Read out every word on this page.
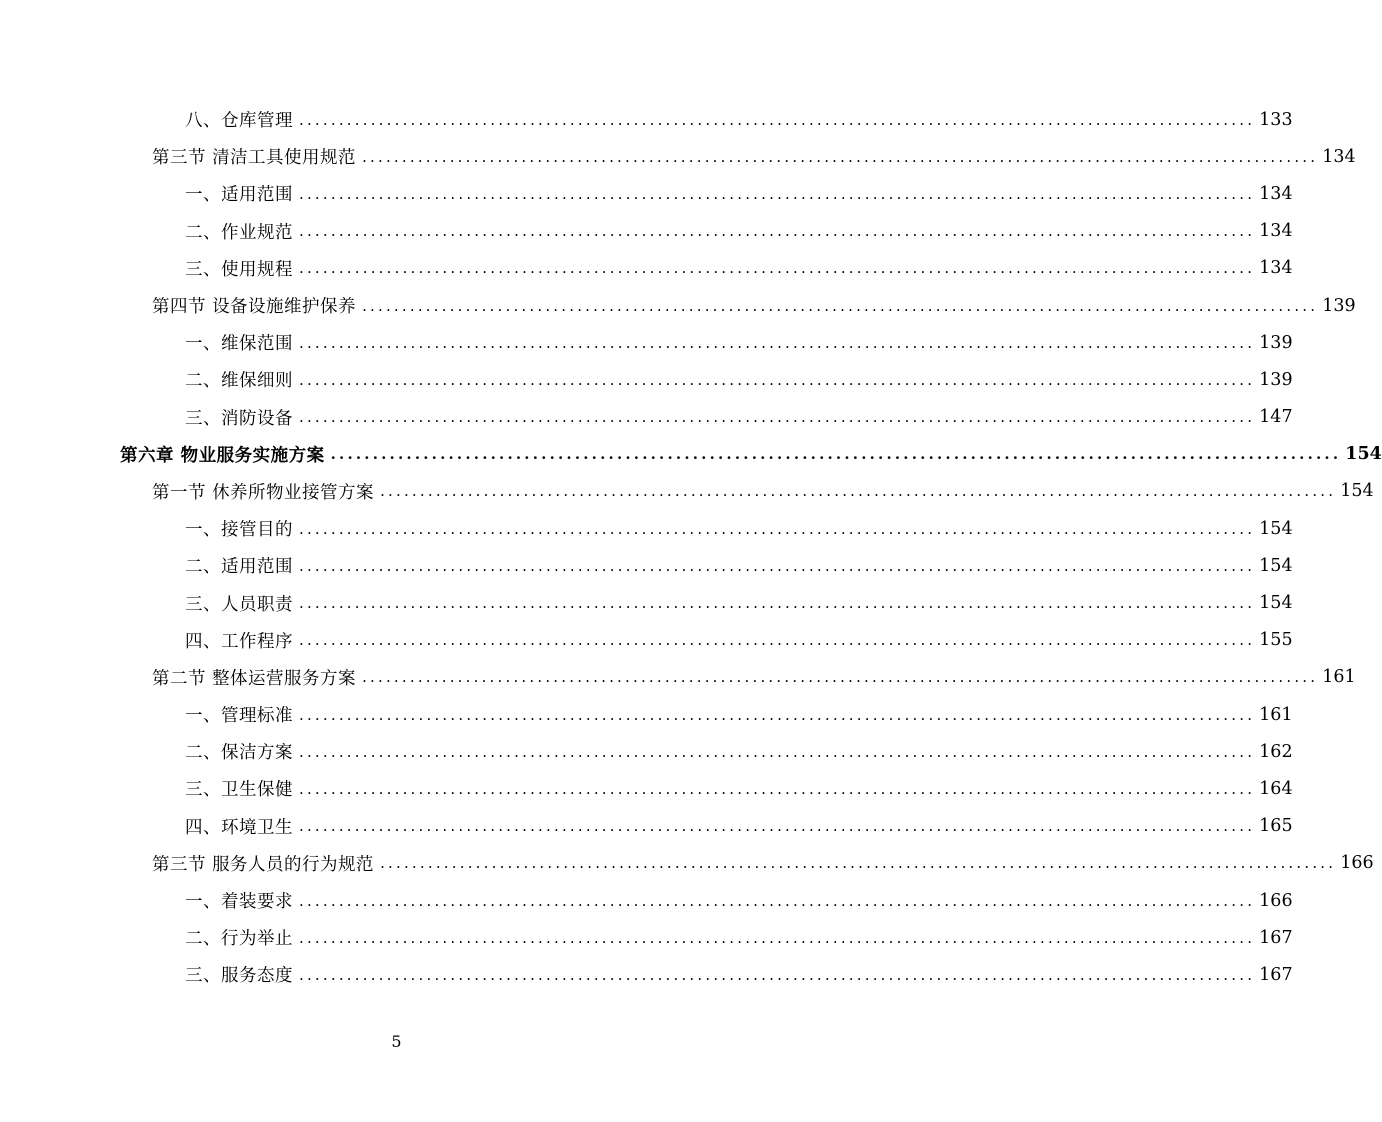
八、仓库管理 ........................................................................................................................ 133
第三节 清洁工具使用规范 ........................................................................................................................ 134
一、适用范围 ........................................................................................................................ 134
二、作业规范 ........................................................................................................................ 134
三、使用规程 ........................................................................................................................ 134
第四节 设备设施维护保养 ........................................................................................................................ 139
一、维保范围 ........................................................................................................................ 139
二、维保细则 ........................................................................................................................ 139
三、消防设备 ........................................................................................................................ 147
第六章 物业服务实施方案 ........................................................................................................................ 154
第一节 休养所物业接管方案 ........................................................................................................................ 154
一、接管目的 ........................................................................................................................ 154
二、适用范围 ........................................................................................................................ 154
三、人员职责 ........................................................................................................................ 154
四、工作程序 ........................................................................................................................ 155
第二节 整体运营服务方案 ........................................................................................................................ 161
一、管理标准 ........................................................................................................................ 161
二、保洁方案 ........................................................................................................................ 162
三、卫生保健 ........................................................................................................................ 164
四、环境卫生 ........................................................................................................................ 165
第三节 服务人员的行为规范 ........................................................................................................................ 166
一、着装要求 ........................................................................................................................ 166
二、行为举止 ........................................................................................................................ 167
三、服务态度 ........................................................................................................................ 167
5
